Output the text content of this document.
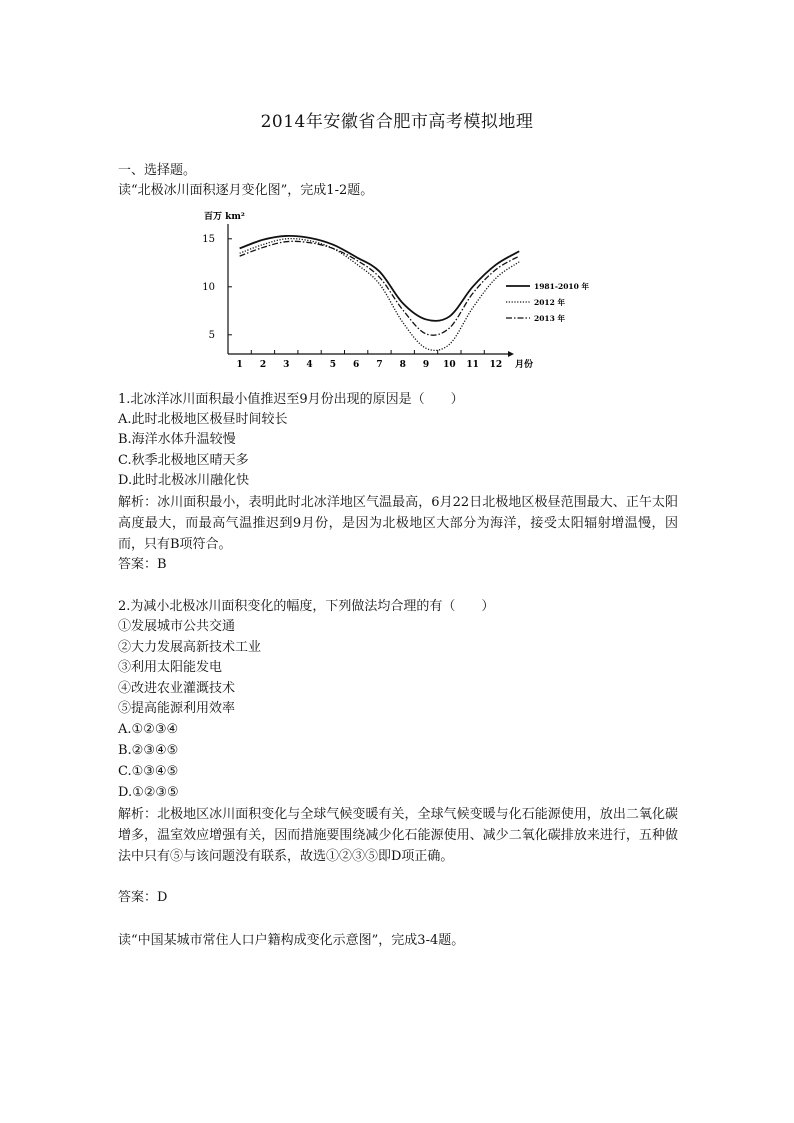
2014年安徽省合肥市高考模拟地理
一、选择题。
读“北极冰川面积逐月变化图”，完成1-2题。
百万 km²
月份
1 2 3 4 5 6 7 8 9 10 11 12
5
10
15
1981-2010 年
2012 年
2013 年
1.北冰洋冰川面积最小值推迟至9月份出现的原因是（　　）
A.此时北极地区极昼时间较长
B.海洋水体升温较慢
C.秋季北极地区晴天多
D.此时北极冰川融化快
解析：冰川面积最小，表明此时北冰洋地区气温最高，6月22日北极地区极昼范围最大、正午太阳高度最大，而最高气温推迟到9月份，是因为北极地区大部分为海洋，接受太阳辐射增温慢，因而，只有B项符合。
答案：B
2.为减小北极冰川面积变化的幅度，下列做法均合理的有（　　）
①发展城市公共交通
②大力发展高新技术工业
③利用太阳能发电
④改进农业灌溉技术
⑤提高能源利用效率
A.①②③④
B.②③④⑤
C.①③④⑤
D.①②③⑤
解析：北极地区冰川面积变化与全球气候变暖有关，全球气候变暖与化石能源使用，放出二氧化碳增多，温室效应增强有关，因而措施要围绕减少化石能源使用、减少二氧化碳排放来进行，五种做法中只有⑤与该问题没有联系，故选①②③⑤即D项正确。
答案：D
读“中国某城市常住人口户籍构成变化示意图”，完成3-4题。
